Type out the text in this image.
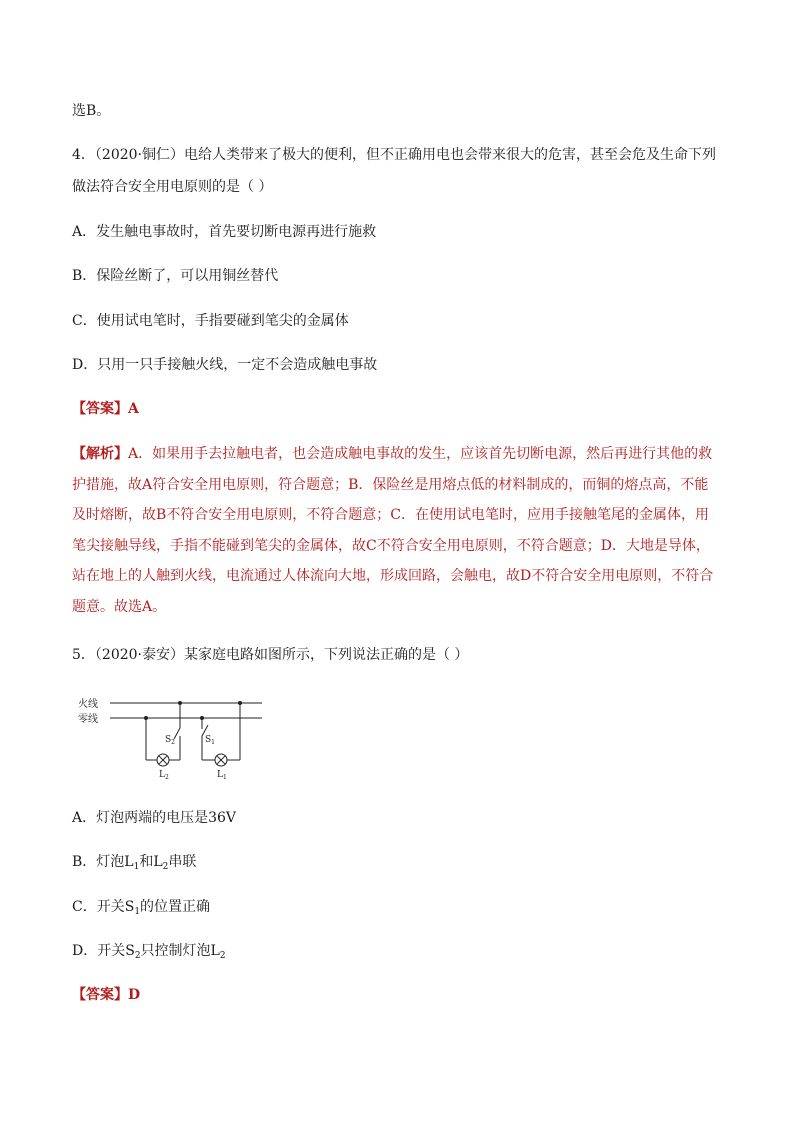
选B。
4．（2020·铜仁）电给人类带来了极大的便利，但不正确用电也会带来很大的危害，甚至会危及生命下列
做法符合安全用电原则的是（ ）
A．发生触电事故时，首先要切断电源再进行施救
B．保险丝断了，可以用铜丝替代
C．使用试电笔时，手指要碰到笔尖的金属体
D．只用一只手接触火线，一定不会造成触电事故
【答案】A
【解析】A．如果用手去拉触电者，也会造成触电事故的发生，应该首先切断电源，然后再进行其他的救护措施，故A符合安全用电原则，符合题意；B．保险丝是用熔点低的材料制成的，而铜的熔点高，不能及时熔断，故B不符合安全用电原则，不符合题意；C．在使用试电笔时，应用手接触笔尾的金属体，用笔尖接触导线，手指不能碰到笔尖的金属体，故C不符合安全用电原则，不符合题意；D．大地是导体，站在地上的人触到火线，电流通过人体流向大地，形成回路，会触电，故D不符合安全用电原则，不符合题意。故选A。
5．（2020·泰安）某家庭电路如图所示，下列说法正确的是（ ）
火线
零线
$S_2$	$S_1$
$L_2$	$L_1$
A．灯泡两端的电压是36V
B．灯泡$L_1$和$L_2$串联
C．开关$S_1$的位置正确
D．开关$S_2$只控制灯泡$L_2$
【答案】D
